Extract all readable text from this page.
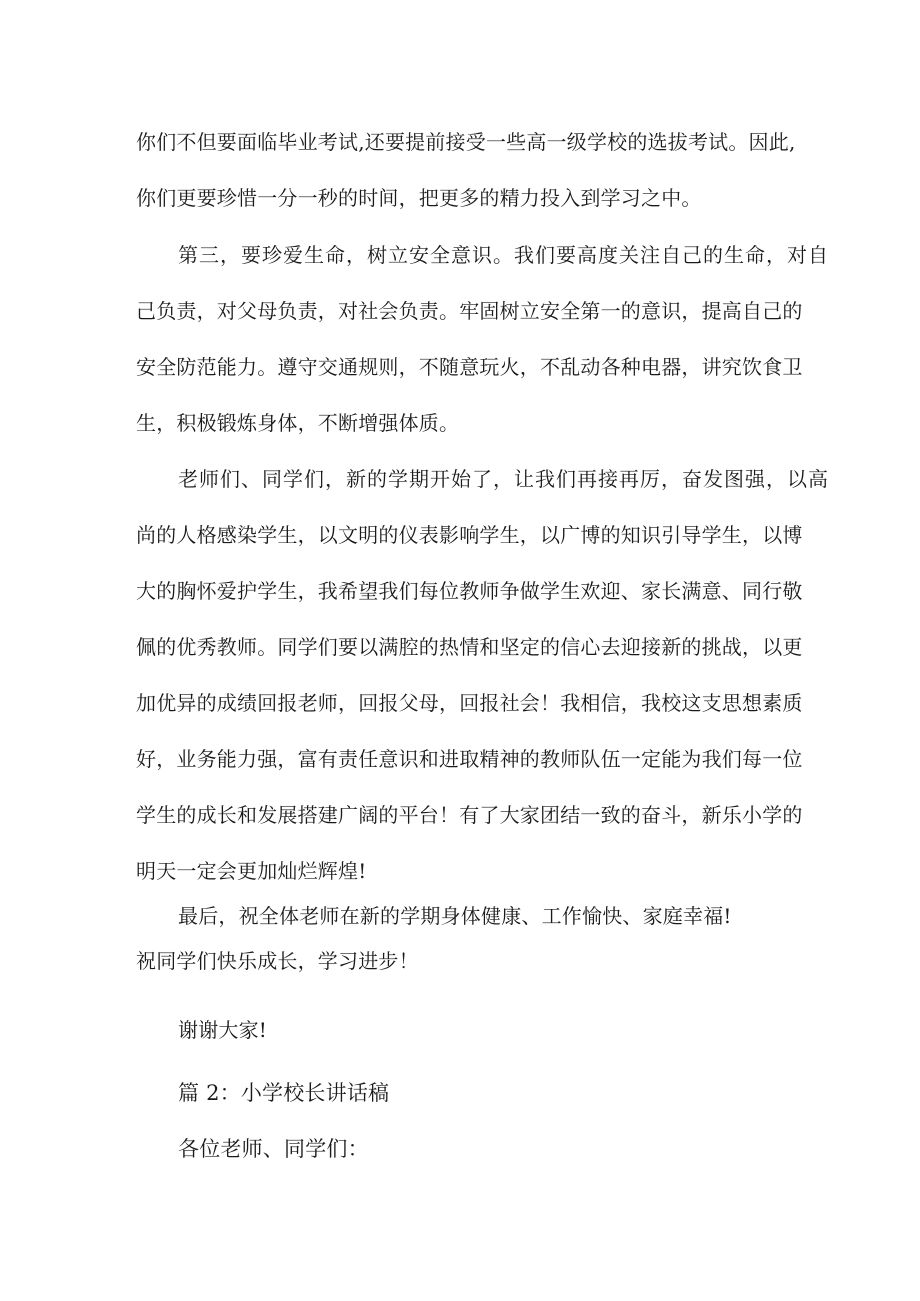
你们不但要面临毕业考试,还要提前接受一些高一级学校的选拔考试。因此,
你们更要珍惜一分一秒的时间，把更多的精力投入到学习之中。
第三，要珍爱生命，树立安全意识。我们要高度关注自己的生命，对自
己负责，对父母负责，对社会负责。牢固树立安全第一的意识，提高自己的
安全防范能力。遵守交通规则，不随意玩火，不乱动各种电器，讲究饮食卫
生，积极锻炼身体，不断增强体质。
老师们、同学们，新的学期开始了，让我们再接再厉，奋发图强，以高
尚的人格感染学生，以文明的仪表影响学生，以广博的知识引导学生，以博
大的胸怀爱护学生，我希望我们每位教师争做学生欢迎、家长满意、同行敬
佩的优秀教师。同学们要以满腔的热情和坚定的信心去迎接新的挑战，以更
加优异的成绩回报老师，回报父母，回报社会！我相信，我校这支思想素质
好，业务能力强，富有责任意识和进取精神的教师队伍一定能为我们每一位
学生的成长和发展搭建广阔的平台！有了大家团结一致的奋斗，新乐小学的
明天一定会更加灿烂辉煌!
最后，祝全体老师在新的学期身体健康、工作愉快、家庭幸福!
祝同学们快乐成长，学习进步！
谢谢大家!
篇 2：小学校长讲话稿
各位老师、同学们：
